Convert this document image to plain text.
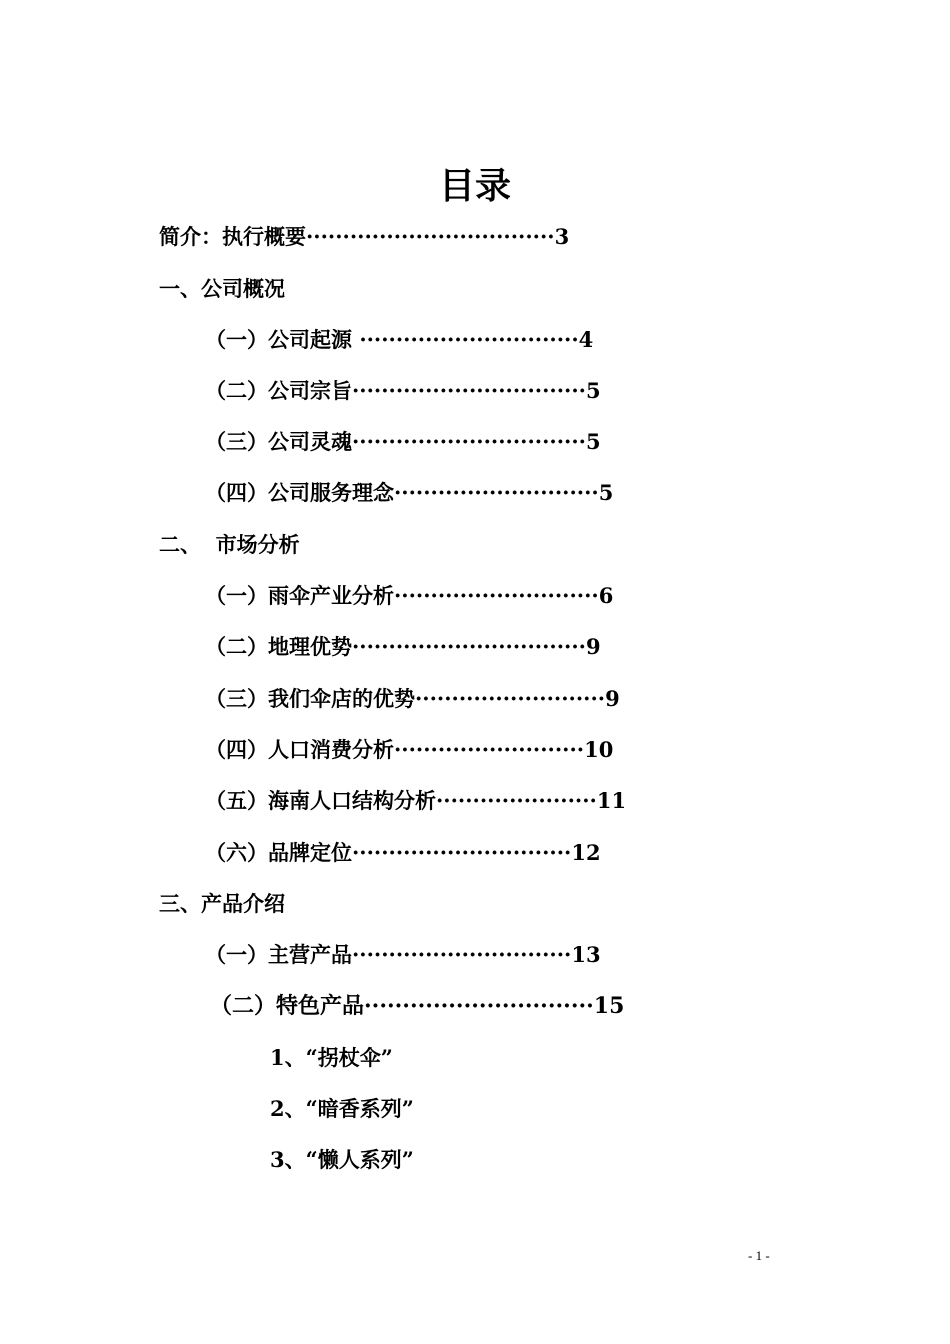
目录
简介：执行概要··································3
一、公司概况
（一）公司起源 ······························4
（二）公司宗旨································5
（三）公司灵魂································5
（四）公司服务理念····························5
二、  市场分析
（一）雨伞产业分析····························6
（二）地理优势································9
（三）我们伞店的优势··························9
（四）人口消费分析··························10
（五）海南人口结构分析······················11
（六）品牌定位······························12
三、产品介绍
（一）主营产品······························13
（二）特色产品······························15
1、“拐杖伞”
2、“暗香系列”
3、“懒人系列”
- 1 -
